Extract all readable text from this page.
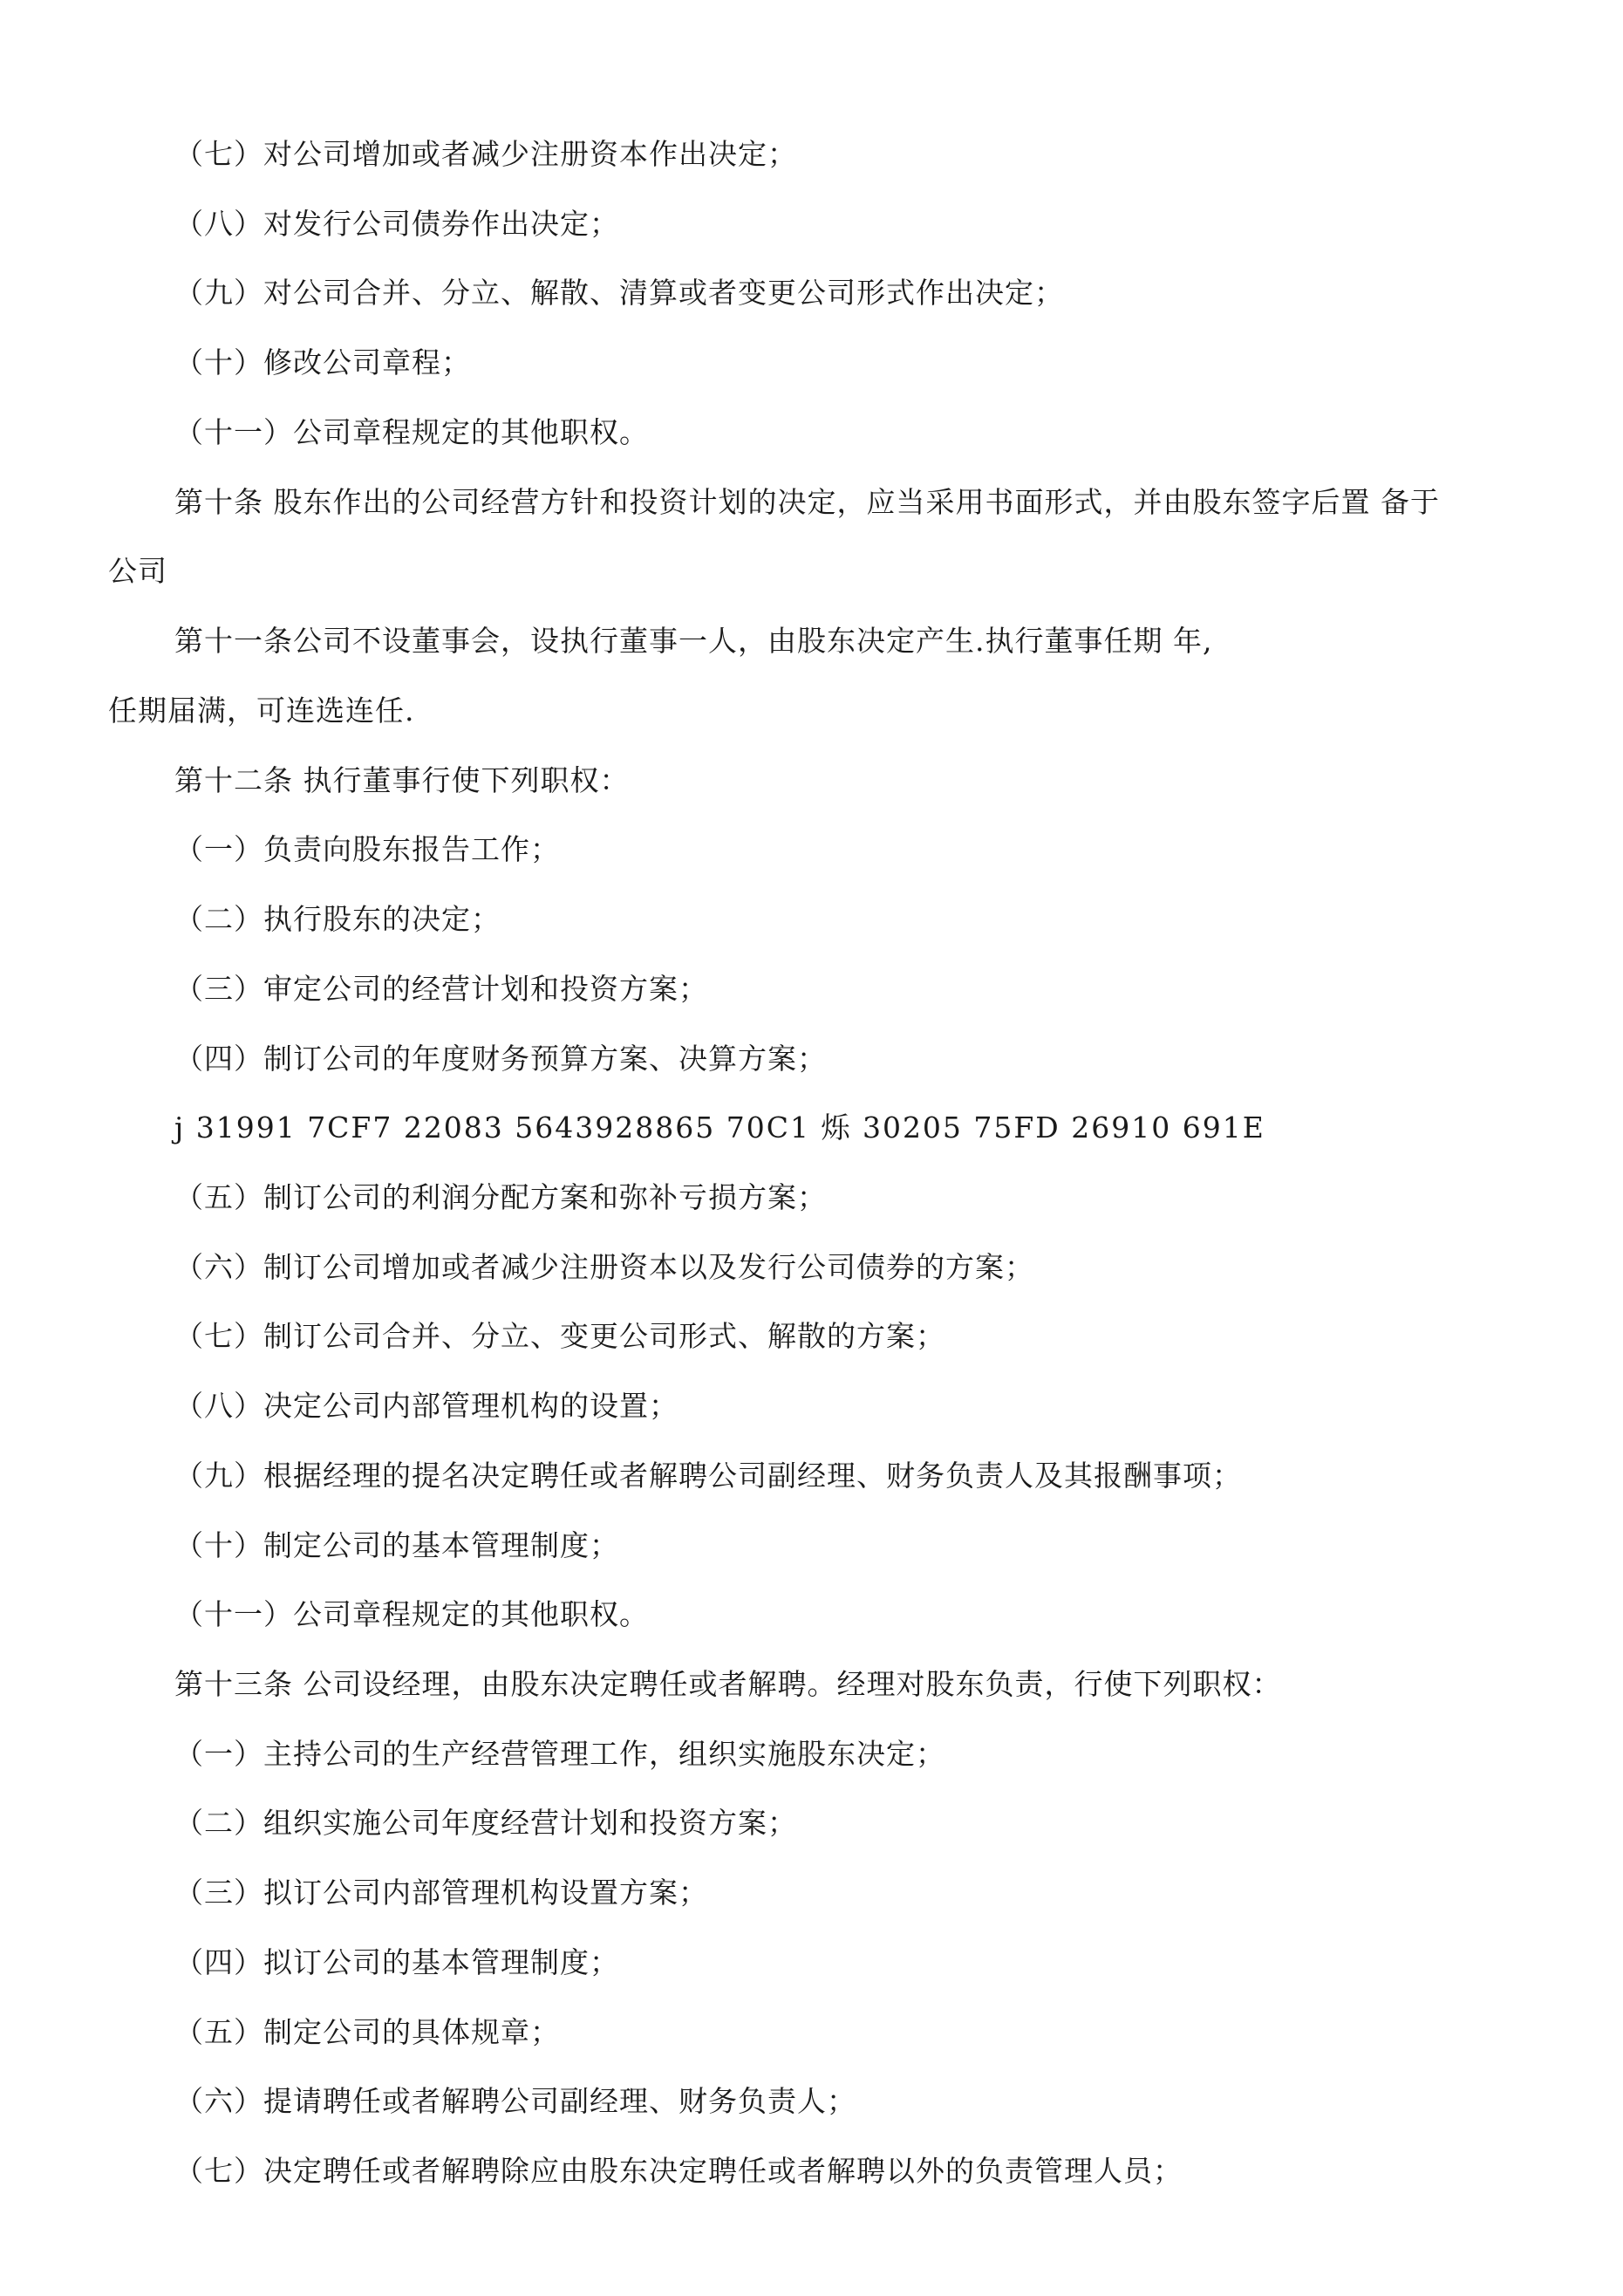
（七）对公司增加或者减少注册资本作出决定；
（八）对发行公司债券作出决定；
（九）对公司合并、分立、解散、清算或者变更公司形式作出决定；
（十）修改公司章程；
（十一）公司章程规定的其他职权。
第十条 股东作出的公司经营方针和投资计划的决定，应当采用书面形式，并由股东签字后置 备于
公司
第十一条公司不设董事会，设执行董事一人，由股东决定产生.执行董事任期 年,
任期届满，可连选连任.
第十二条 执行董事行使下列职权：
（一）负责向股东报告工作；
（二）执行股东的决定；
（三）审定公司的经营计划和投资方案；
（四）制订公司的年度财务预算方案、决算方案；
j 31991 7CF7 22083 5643928865 70C1 烁 30205 75FD 26910 691E
（五）制订公司的利润分配方案和弥补亏损方案；
（六）制订公司增加或者减少注册资本以及发行公司债券的方案；
（七）制订公司合并、分立、变更公司形式、解散的方案；
（八）决定公司内部管理机构的设置；
（九）根据经理的提名决定聘任或者解聘公司副经理、财务负责人及其报酬事项；
（十）制定公司的基本管理制度；
（十一）公司章程规定的其他职权。
第十三条 公司设经理，由股东决定聘任或者解聘。经理对股东负责，行使下列职权：
（一）主持公司的生产经营管理工作，组织实施股东决定；
（二）组织实施公司年度经营计划和投资方案；
（三）拟订公司内部管理机构设置方案；
（四）拟订公司的基本管理制度；
（五）制定公司的具体规章；
（六）提请聘任或者解聘公司副经理、财务负责人；
（七）决定聘任或者解聘除应由股东决定聘任或者解聘以外的负责管理人员；
